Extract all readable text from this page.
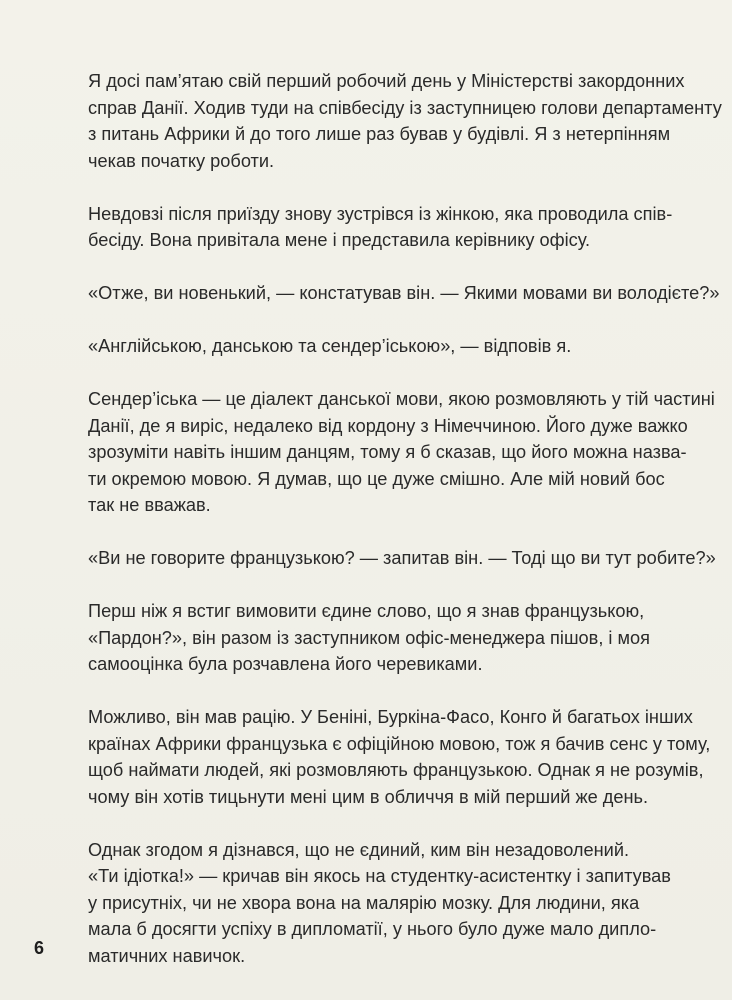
Я досі пам’ятаю свій перший робочий день у Міністерстві закордонних
справ Данії. Ходив туди на співбесіду із заступницею голови департаменту
з питань Африки й до того лише раз бував у будівлі. Я з нетерпінням
чекав початку роботи.

Невдовзі після приїзду знову зустрівся із жінкою, яка проводила спів-
бесіду. Вона привітала мене і представила керівнику офісу.

«Отже, ви новенький, — констатував він. — Якими мовами ви володієте?»

«Англійською, данською та сендер’іською», — відповів я.

Сендер’іська — це діалект данської мови, якою розмовляють у тій частині
Данії, де я виріс, недалеко від кордону з Німеччиною. Його дуже важко
зрозуміти навіть іншим данцям, тому я б сказав, що його можна назва-
ти окремою мовою. Я думав, що це дуже смішно. Але мій новий бос
так не вважав.

«Ви не говорите французькою? — запитав він. — Тоді що ви тут робите?»

Перш ніж я встиг вимовити єдине слово, що я знав французькою,
«Пардон?», він разом із заступником офіс-менеджера пішов, і моя
самооцінка була розчавлена його черевиками.

Можливо, він мав рацію. У Беніні, Буркіна-Фасо, Конго й багатьох інших
країнах Африки французька є офіційною мовою, тож я бачив сенс у тому,
щоб наймати людей, які розмовляють французькою. Однак я не розумів,
чому він хотів тицьнути мені цим в обличчя в мій перший же день.

Однак згодом я дізнався, що не єдиний, ким він незадоволений.
«Ти ідіотка!» — кричав він якось на студентку-асистентку і запитував
у присутніх, чи не хвора вона на малярію мозку. Для людини, яка
мала б досягти успіху в дипломатії, у нього було дуже мало дипло-
матичних навичок.

6
